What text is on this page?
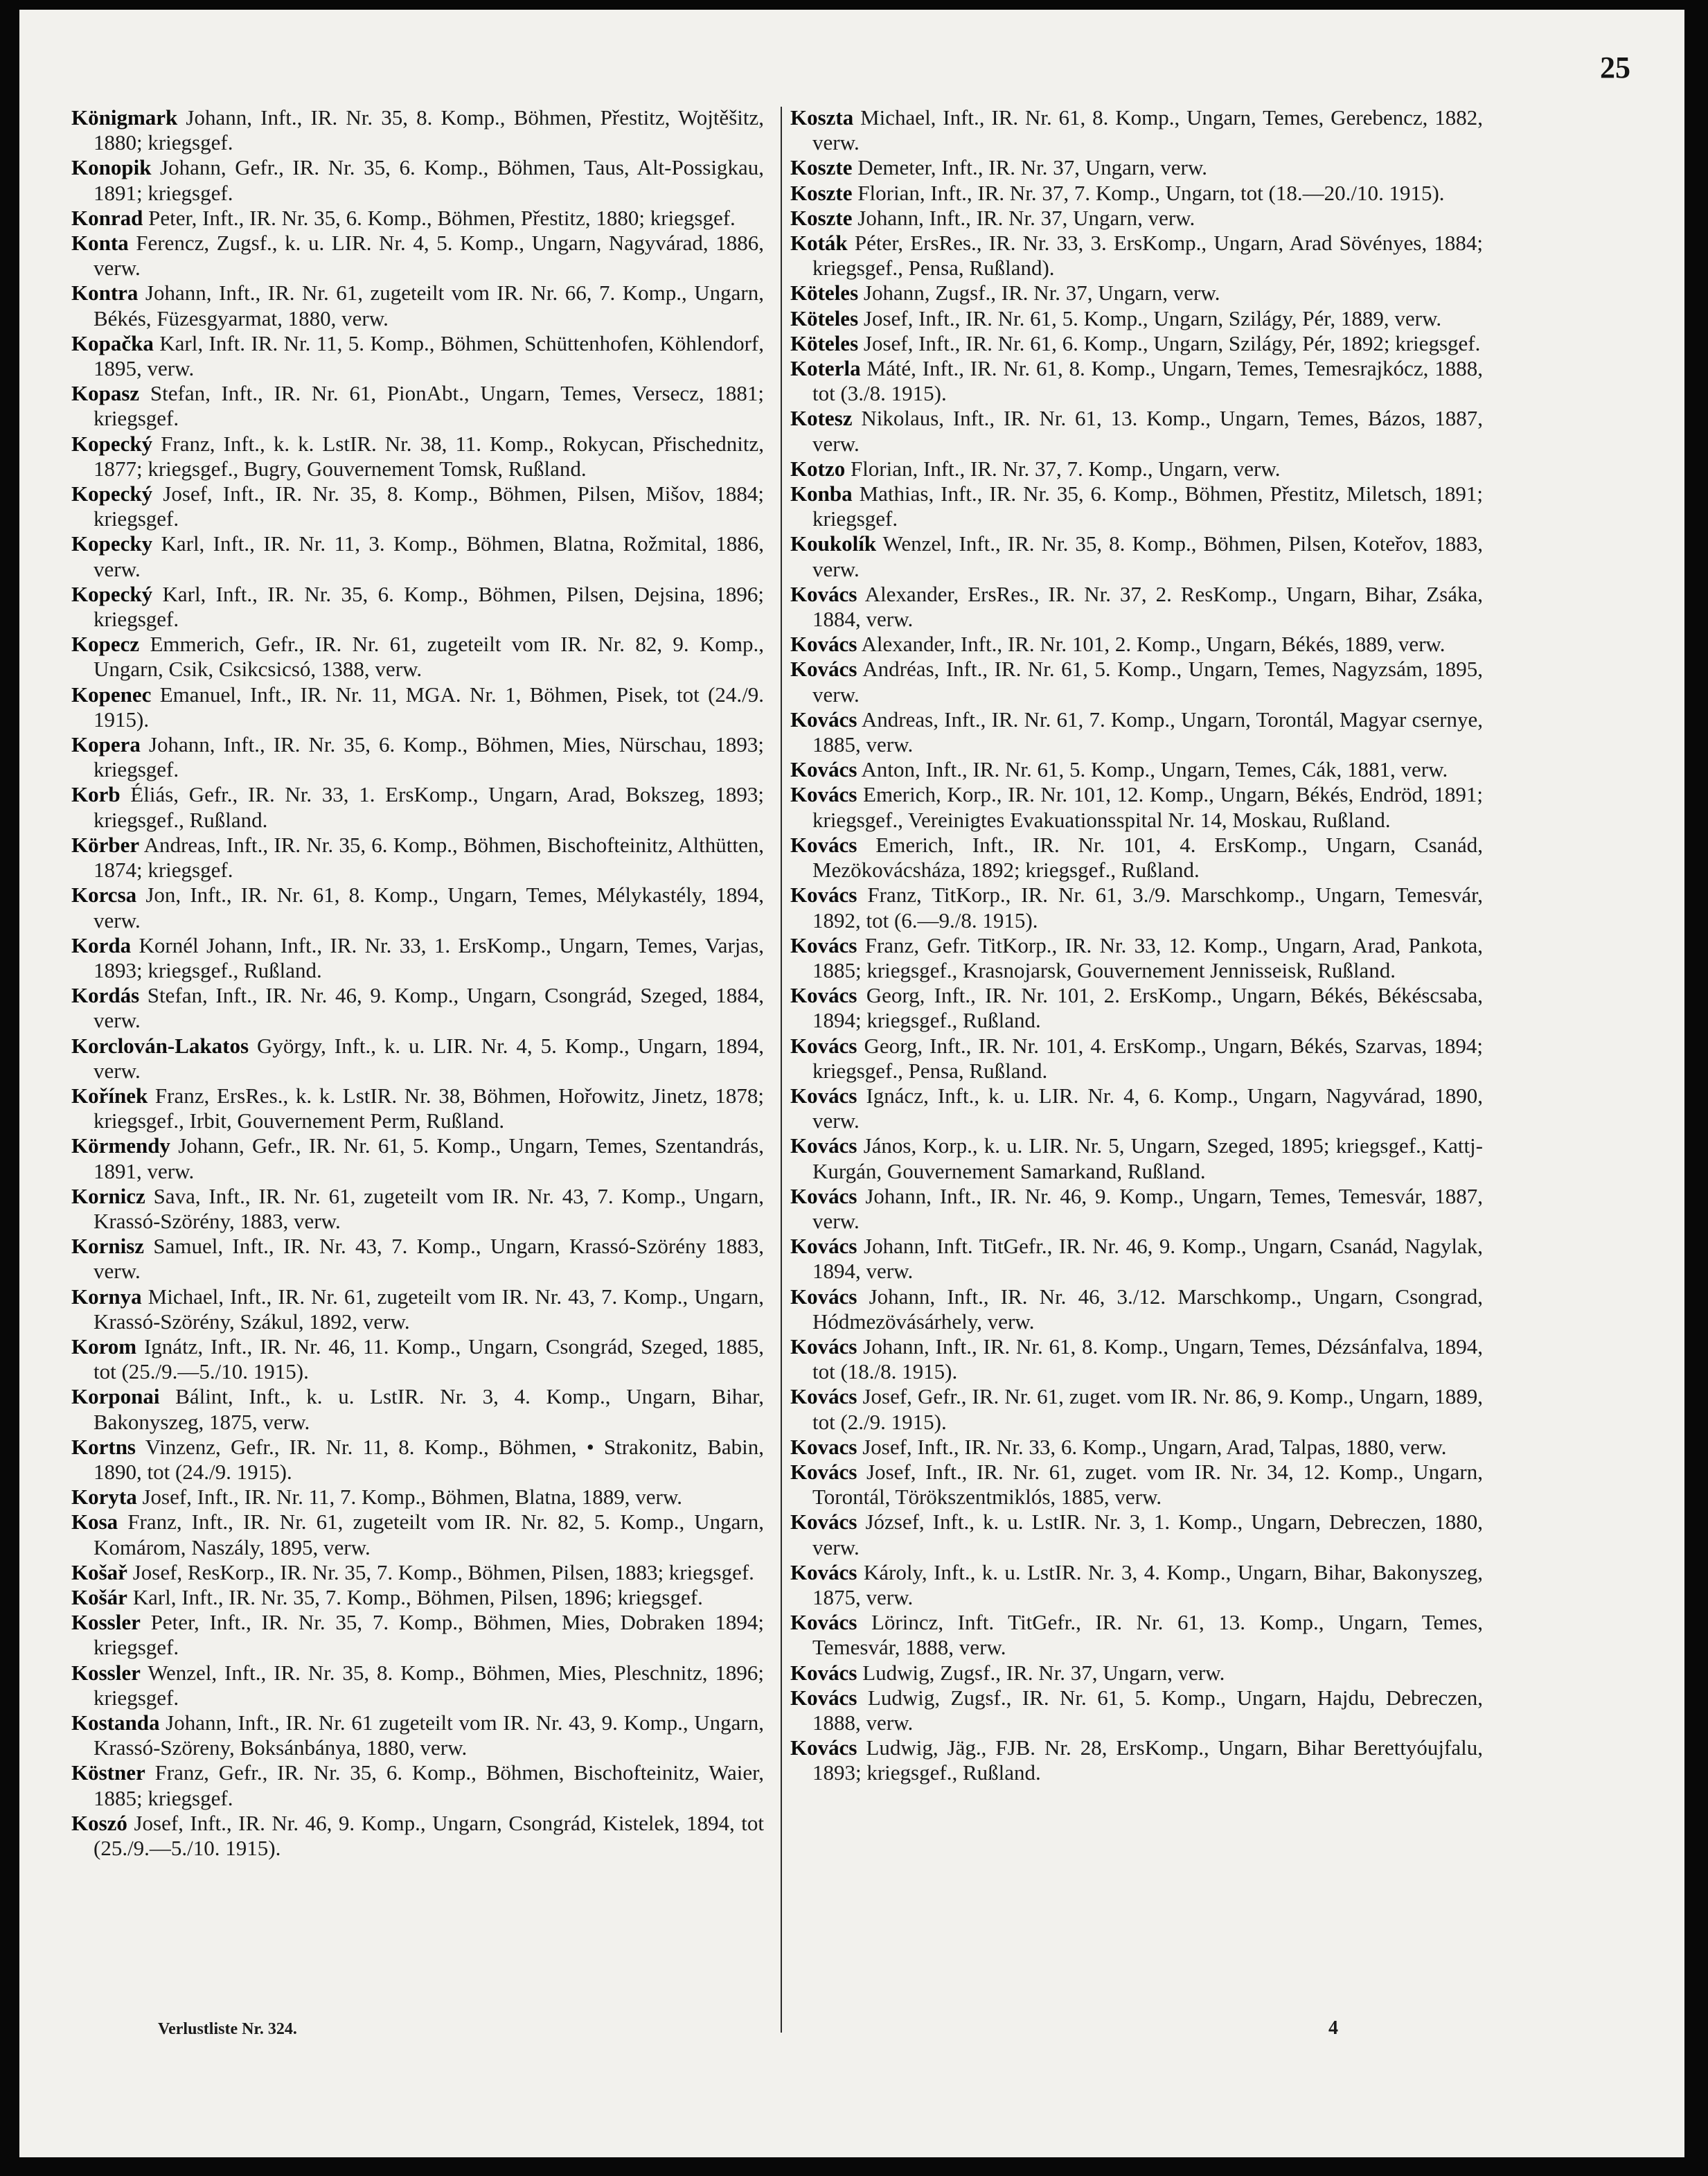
25

Königmark Johann, Inft., IR. Nr. 35, 8. Komp., Böhmen, Přestitz, Wojtěšitz, 1880; kriegsgef.

Konopik Johann, Gefr., IR. Nr. 35, 6. Komp., Böhmen, Taus, Alt-Possigkau, 1891; kriegsgef.

Konrad Peter, Inft., IR. Nr. 35, 6. Komp., Böhmen, Přestitz, 1880; kriegsgef.

Konta Ferencz, Zugsf., k. u. LIR. Nr. 4, 5. Komp., Ungarn, Nagyvárad, 1886, verw.

Kontra Johann, Inft., IR. Nr. 61, zugeteilt vom IR. Nr. 66, 7. Komp., Ungarn, Békés, Füzesgyarmat, 1880, verw.

Kopačka Karl, Inft. IR. Nr. 11, 5. Komp., Böhmen, Schüttenhofen, Köhlendorf, 1895, verw.

Kopasz Stefan, Inft., IR. Nr. 61, PionAbt., Ungarn, Temes, Versecz, 1881; kriegsgef.

Kopecký Franz, Inft., k. k. LstIR. Nr. 38, 11. Komp., Rokycan, Přischednitz, 1877; kriegsgef., Bugry, Gouvernement Tomsk, Rußland.

Kopecký Josef, Inft., IR. Nr. 35, 8. Komp., Böhmen, Pilsen, Mišov, 1884; kriegsgef.

Kopecky Karl, Inft., IR. Nr. 11, 3. Komp., Böhmen, Blatna, Rožmital, 1886, verw.

Kopecký Karl, Inft., IR. Nr. 35, 6. Komp., Böhmen, Pilsen, Dejsina, 1896; kriegsgef.

Kopecz Emmerich, Gefr., IR. Nr. 61, zugeteilt vom IR. Nr. 82, 9. Komp., Ungarn, Csik, Csikcsicsó, 1388, verw.

Kopenec Emanuel, Inft., IR. Nr. 11, MGA. Nr. 1, Böhmen, Pisek, tot (24./9. 1915).

Kopera Johann, Inft., IR. Nr. 35, 6. Komp., Böhmen, Mies, Nürschau, 1893; kriegsgef.

Korb Éliás, Gefr., IR. Nr. 33, 1. ErsKomp., Ungarn, Arad, Bokszeg, 1893; kriegsgef., Rußland.

Körber Andreas, Inft., IR. Nr. 35, 6. Komp., Böhmen, Bischofteinitz, Althütten, 1874; kriegsgef.

Korcsa Jon, Inft., IR. Nr. 61, 8. Komp., Ungarn, Temes, Mélykastély, 1894, verw.

Korda Kornél Johann, Inft., IR. Nr. 33, 1. ErsKomp., Ungarn, Temes, Varjas, 1893; kriegsgef., Rußland.

Kordás Stefan, Inft., IR. Nr. 46, 9. Komp., Ungarn, Csongrád, Szeged, 1884, verw.

Korclován-Lakatos György, Inft., k. u. LIR. Nr. 4, 5. Komp., Ungarn, 1894, verw.

Kořínek Franz, ErsRes., k. k. LstIR. Nr. 38, Böhmen, Hořowitz, Jinetz, 1878; kriegsgef., Irbit, Gouvernement Perm, Rußland.

Körmendy Johann, Gefr., IR. Nr. 61, 5. Komp., Ungarn, Temes, Szentandrás, 1891, verw.

Kornicz Sava, Inft., IR. Nr. 61, zugeteilt vom IR. Nr. 43, 7. Komp., Ungarn, Krassó-Szörény, 1883, verw.

Kornisz Samuel, Inft., IR. Nr. 43, 7. Komp., Ungarn, Krassó-Szörény 1883, verw.

Kornya Michael, Inft., IR. Nr. 61, zugeteilt vom IR. Nr. 43, 7. Komp., Ungarn, Krassó-Szörény, Szákul, 1892, verw.

Korom Ignátz, Inft., IR. Nr. 46, 11. Komp., Ungarn, Csongrád, Szeged, 1885, tot (25./9.—5./10. 1915).

Korponai Bálint, Inft., k. u. LstIR. Nr. 3, 4. Komp., Ungarn, Bihar, Bakonyszeg, 1875, verw.

Kortns Vinzenz, Gefr., IR. Nr. 11, 8. Komp., Böhmen, • Strakonitz, Babin, 1890, tot (24./9. 1915).

Koryta Josef, Inft., IR. Nr. 11, 7. Komp., Böhmen, Blatna, 1889, verw.

Kosa Franz, Inft., IR. Nr. 61, zugeteilt vom IR. Nr. 82, 5. Komp., Ungarn, Komárom, Naszály, 1895, verw.

Košař Josef, ResKorp., IR. Nr. 35, 7. Komp., Böhmen, Pilsen, 1883; kriegsgef.

Košár Karl, Inft., IR. Nr. 35, 7. Komp., Böhmen, Pilsen, 1896; kriegsgef.

Kossler Peter, Inft., IR. Nr. 35, 7. Komp., Böhmen, Mies, Dobraken 1894; kriegsgef.

Kossler Wenzel, Inft., IR. Nr. 35, 8. Komp., Böhmen, Mies, Pleschnitz, 1896; kriegsgef.

Kostanda Johann, Inft., IR. Nr. 61 zugeteilt vom IR. Nr. 43, 9. Komp., Ungarn, Krassó-Szöreny, Boksánbánya, 1880, verw.

Köstner Franz, Gefr., IR. Nr. 35, 6. Komp., Böhmen, Bischofteinitz, Waier, 1885; kriegsgef.

Koszó Josef, Inft., IR. Nr. 46, 9. Komp., Ungarn, Csongrád, Kistelek, 1894, tot (25./9.—5./10. 1915).

Koszta Michael, Inft., IR. Nr. 61, 8. Komp., Ungarn, Temes, Gerebencz, 1882, verw.

Koszte Demeter, Inft., IR. Nr. 37, Ungarn, verw.

Koszte Florian, Inft., IR. Nr. 37, 7. Komp., Ungarn, tot (18.—20./10. 1915).

Koszte Johann, Inft., IR. Nr. 37, Ungarn, verw.

Koták Péter, ErsRes., IR. Nr. 33, 3. ErsKomp., Ungarn, Arad Sövényes, 1884; kriegsgef., Pensa, Rußland).

Köteles Johann, Zugsf., IR. Nr. 37, Ungarn, verw.

Köteles Josef, Inft., IR. Nr. 61, 5. Komp., Ungarn, Szilágy, Pér, 1889, verw.

Köteles Josef, Inft., IR. Nr. 61, 6. Komp., Ungarn, Szilágy, Pér, 1892; kriegsgef.

Koterla Máté, Inft., IR. Nr. 61, 8. Komp., Ungarn, Temes, Temesrajkócz, 1888, tot (3./8. 1915).

Kotesz Nikolaus, Inft., IR. Nr. 61, 13. Komp., Ungarn, Temes, Bázos, 1887, verw.

Kotzo Florian, Inft., IR. Nr. 37, 7. Komp., Ungarn, verw.

Konba Mathias, Inft., IR. Nr. 35, 6. Komp., Böhmen, Přestitz, Miletsch, 1891; kriegsgef.

Koukolík Wenzel, Inft., IR. Nr. 35, 8. Komp., Böhmen, Pilsen, Koteřov, 1883, verw.

Kovács Alexander, ErsRes., IR. Nr. 37, 2. ResKomp., Ungarn, Bihar, Zsáka, 1884, verw.

Kovács Alexander, Inft., IR. Nr. 101, 2. Komp., Ungarn, Békés, 1889, verw.

Kovács Andréas, Inft., IR. Nr. 61, 5. Komp., Ungarn, Temes, Nagyzsám, 1895, verw.

Kovács Andreas, Inft., IR. Nr. 61, 7. Komp., Ungarn, Torontál, Magyar csernye, 1885, verw.

Kovács Anton, Inft., IR. Nr. 61, 5. Komp., Ungarn, Temes, Cák, 1881, verw.

Kovács Emerich, Korp., IR. Nr. 101, 12. Komp., Ungarn, Békés, Endröd, 1891; kriegsgef., Vereinigtes Evakuationsspital Nr. 14, Moskau, Rußland.

Kovács Emerich, Inft., IR. Nr. 101, 4. ErsKomp., Ungarn, Csanád, Mezökovácsháza, 1892; kriegsgef., Rußland.

Kovács Franz, TitKorp., IR. Nr. 61, 3./9. Marschkomp., Ungarn, Temesvár, 1892, tot (6.—9./8. 1915).

Kovács Franz, Gefr. TitKorp., IR. Nr. 33, 12. Komp., Ungarn, Arad, Pankota, 1885; kriegsgef., Krasnojarsk, Gouvernement Jennisseisk, Rußland.

Kovács Georg, Inft., IR. Nr. 101, 2. ErsKomp., Ungarn, Békés, Békéscsaba, 1894; kriegsgef., Rußland.

Kovács Georg, Inft., IR. Nr. 101, 4. ErsKomp., Ungarn, Békés, Szarvas, 1894; kriegsgef., Pensa, Rußland.

Kovács Ignácz, Inft., k. u. LIR. Nr. 4, 6. Komp., Ungarn, Nagyvárad, 1890, verw.

Kovács János, Korp., k. u. LIR. Nr. 5, Ungarn, Szeged, 1895; kriegsgef., Kattj-Kurgán, Gouvernement Samarkand, Rußland.

Kovács Johann, Inft., IR. Nr. 46, 9. Komp., Ungarn, Temes, Temesvár, 1887, verw.

Kovács Johann, Inft. TitGefr., IR. Nr. 46, 9. Komp., Ungarn, Csanád, Nagylak, 1894, verw.

Kovács Johann, Inft., IR. Nr. 46, 3./12. Marschkomp., Ungarn, Csongrad, Hódmezövásárhely, verw.

Kovács Johann, Inft., IR. Nr. 61, 8. Komp., Ungarn, Temes, Dézsánfalva, 1894, tot (18./8. 1915).

Kovács Josef, Gefr., IR. Nr. 61, zuget. vom IR. Nr. 86, 9. Komp., Ungarn, 1889, tot (2./9. 1915).

Kovacs Josef, Inft., IR. Nr. 33, 6. Komp., Ungarn, Arad, Talpas, 1880, verw.

Kovács Josef, Inft., IR. Nr. 61, zuget. vom IR. Nr. 34, 12. Komp., Ungarn, Torontál, Törökszentmiklós, 1885, verw.

Kovács József, Inft., k. u. LstIR. Nr. 3, 1. Komp., Ungarn, Debreczen, 1880, verw.

Kovács Károly, Inft., k. u. LstIR. Nr. 3, 4. Komp., Ungarn, Bihar, Bakonyszeg, 1875, verw.

Kovács Lörincz, Inft. TitGefr., IR. Nr. 61, 13. Komp., Ungarn, Temes, Temesvár, 1888, verw.

Kovács Ludwig, Zugsf., IR. Nr. 37, Ungarn, verw.

Kovács Ludwig, Zugsf., IR. Nr. 61, 5. Komp., Ungarn, Hajdu, Debreczen, 1888, verw.

Kovács Ludwig, Jäg., FJB. Nr. 28, ErsKomp., Ungarn, Bihar Berettyóujfalu, 1893; kriegsgef., Rußland.

Verlustliste Nr. 324.	4
